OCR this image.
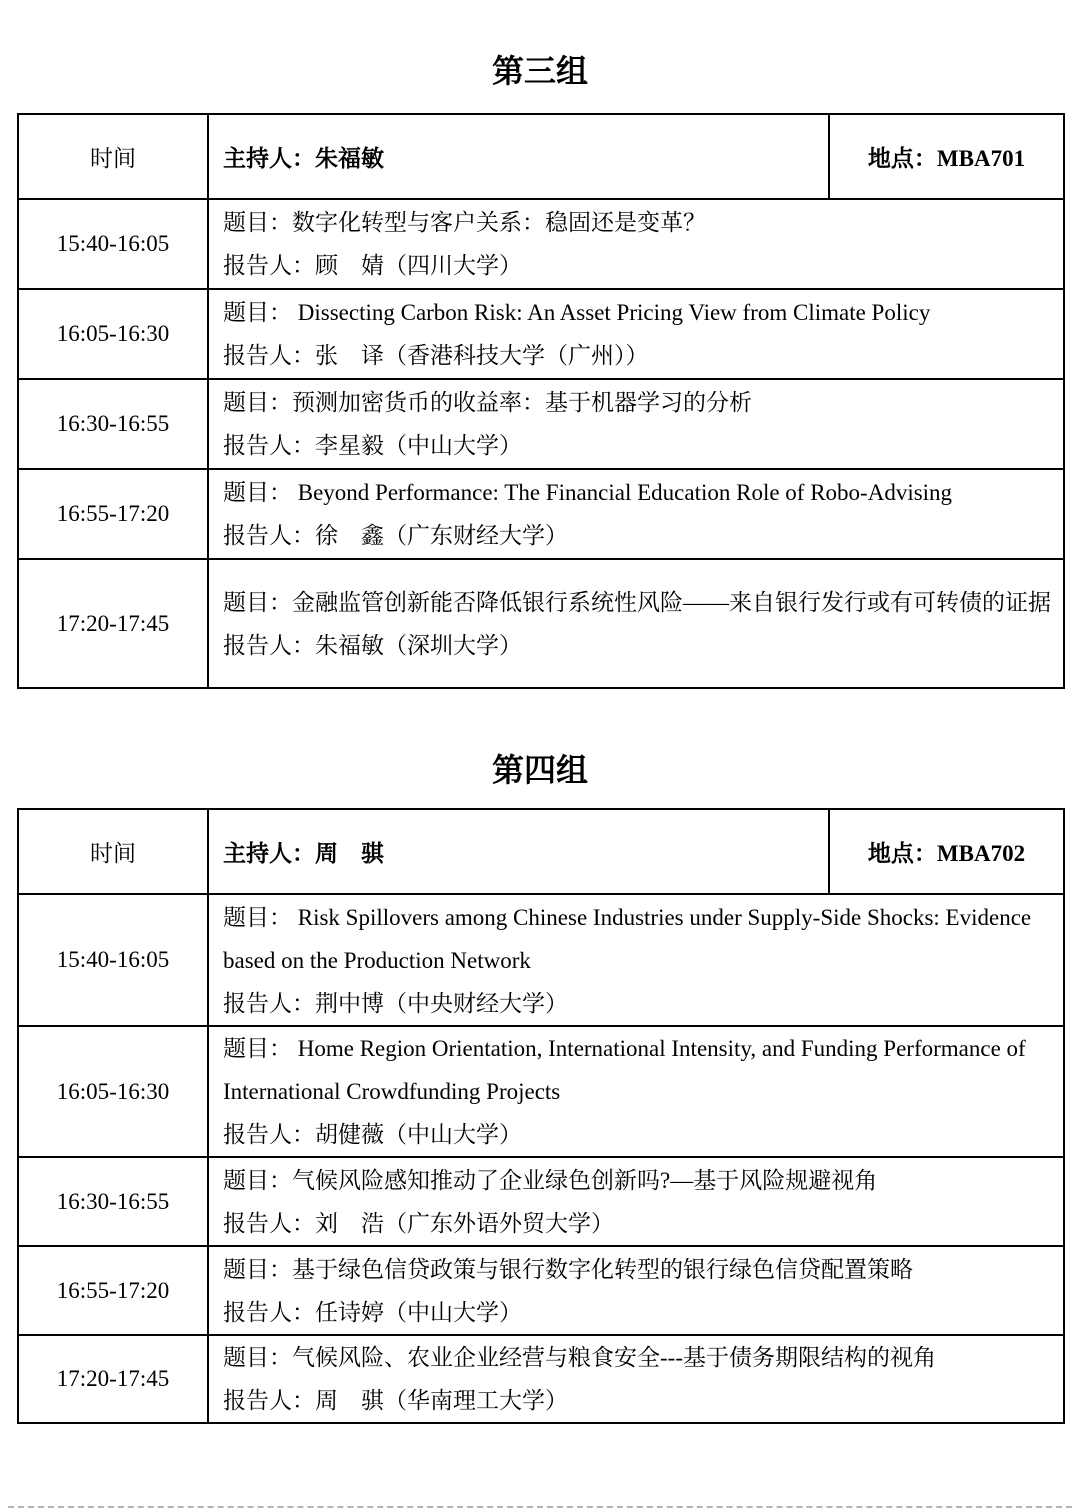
第三组
时间	主持人：朱福敏	地点：MBA701
15:40-16:05	题目：数字化转型与客户关系：稳固还是变革？
报告人：顾　婧（四川大学）	

16:05-16:30	题目： Dissecting Carbon Risk: An Asset Pricing View from Climate Policy
报告人：张　译（香港科技大学（广州））	

16:30-16:55	题目：预测加密货币的收益率：基于机器学习的分析
报告人：李星毅（中山大学）	

16:55-17:20	题目： Beyond Performance: The Financial Education Role of Robo-Advising
报告人：徐　鑫（广东财经大学）	

17:20-17:45	题目：金融监管创新能否降低银行系统性风险——来自银行发行或有可转债的证据
报告人：朱福敏（深圳大学）	
第四组
时间	主持人：周　骐	地点：MBA702
15:40-16:05	题目： Risk Spillovers among Chinese Industries under Supply-Side Shocks: Evidence based on the Production Network
报告人：荆中博（中央财经大学）	

16:05-16:30	题目： Home Region Orientation, International Intensity, and Funding Performance of International Crowdfunding Projects
报告人：胡健薇（中山大学）	

16:30-16:55	题目：气候风险感知推动了企业绿色创新吗?—基于风险规避视角
报告人：刘　浩（广东外语外贸大学）	

16:55-17:20	题目：基于绿色信贷政策与银行数字化转型的银行绿色信贷配置策略
报告人：任诗婷（中山大学）	

17:20-17:45	题目：气候风险、农业企业经营与粮食安全---基于债务期限结构的视角
报告人：周　骐（华南理工大学）	
